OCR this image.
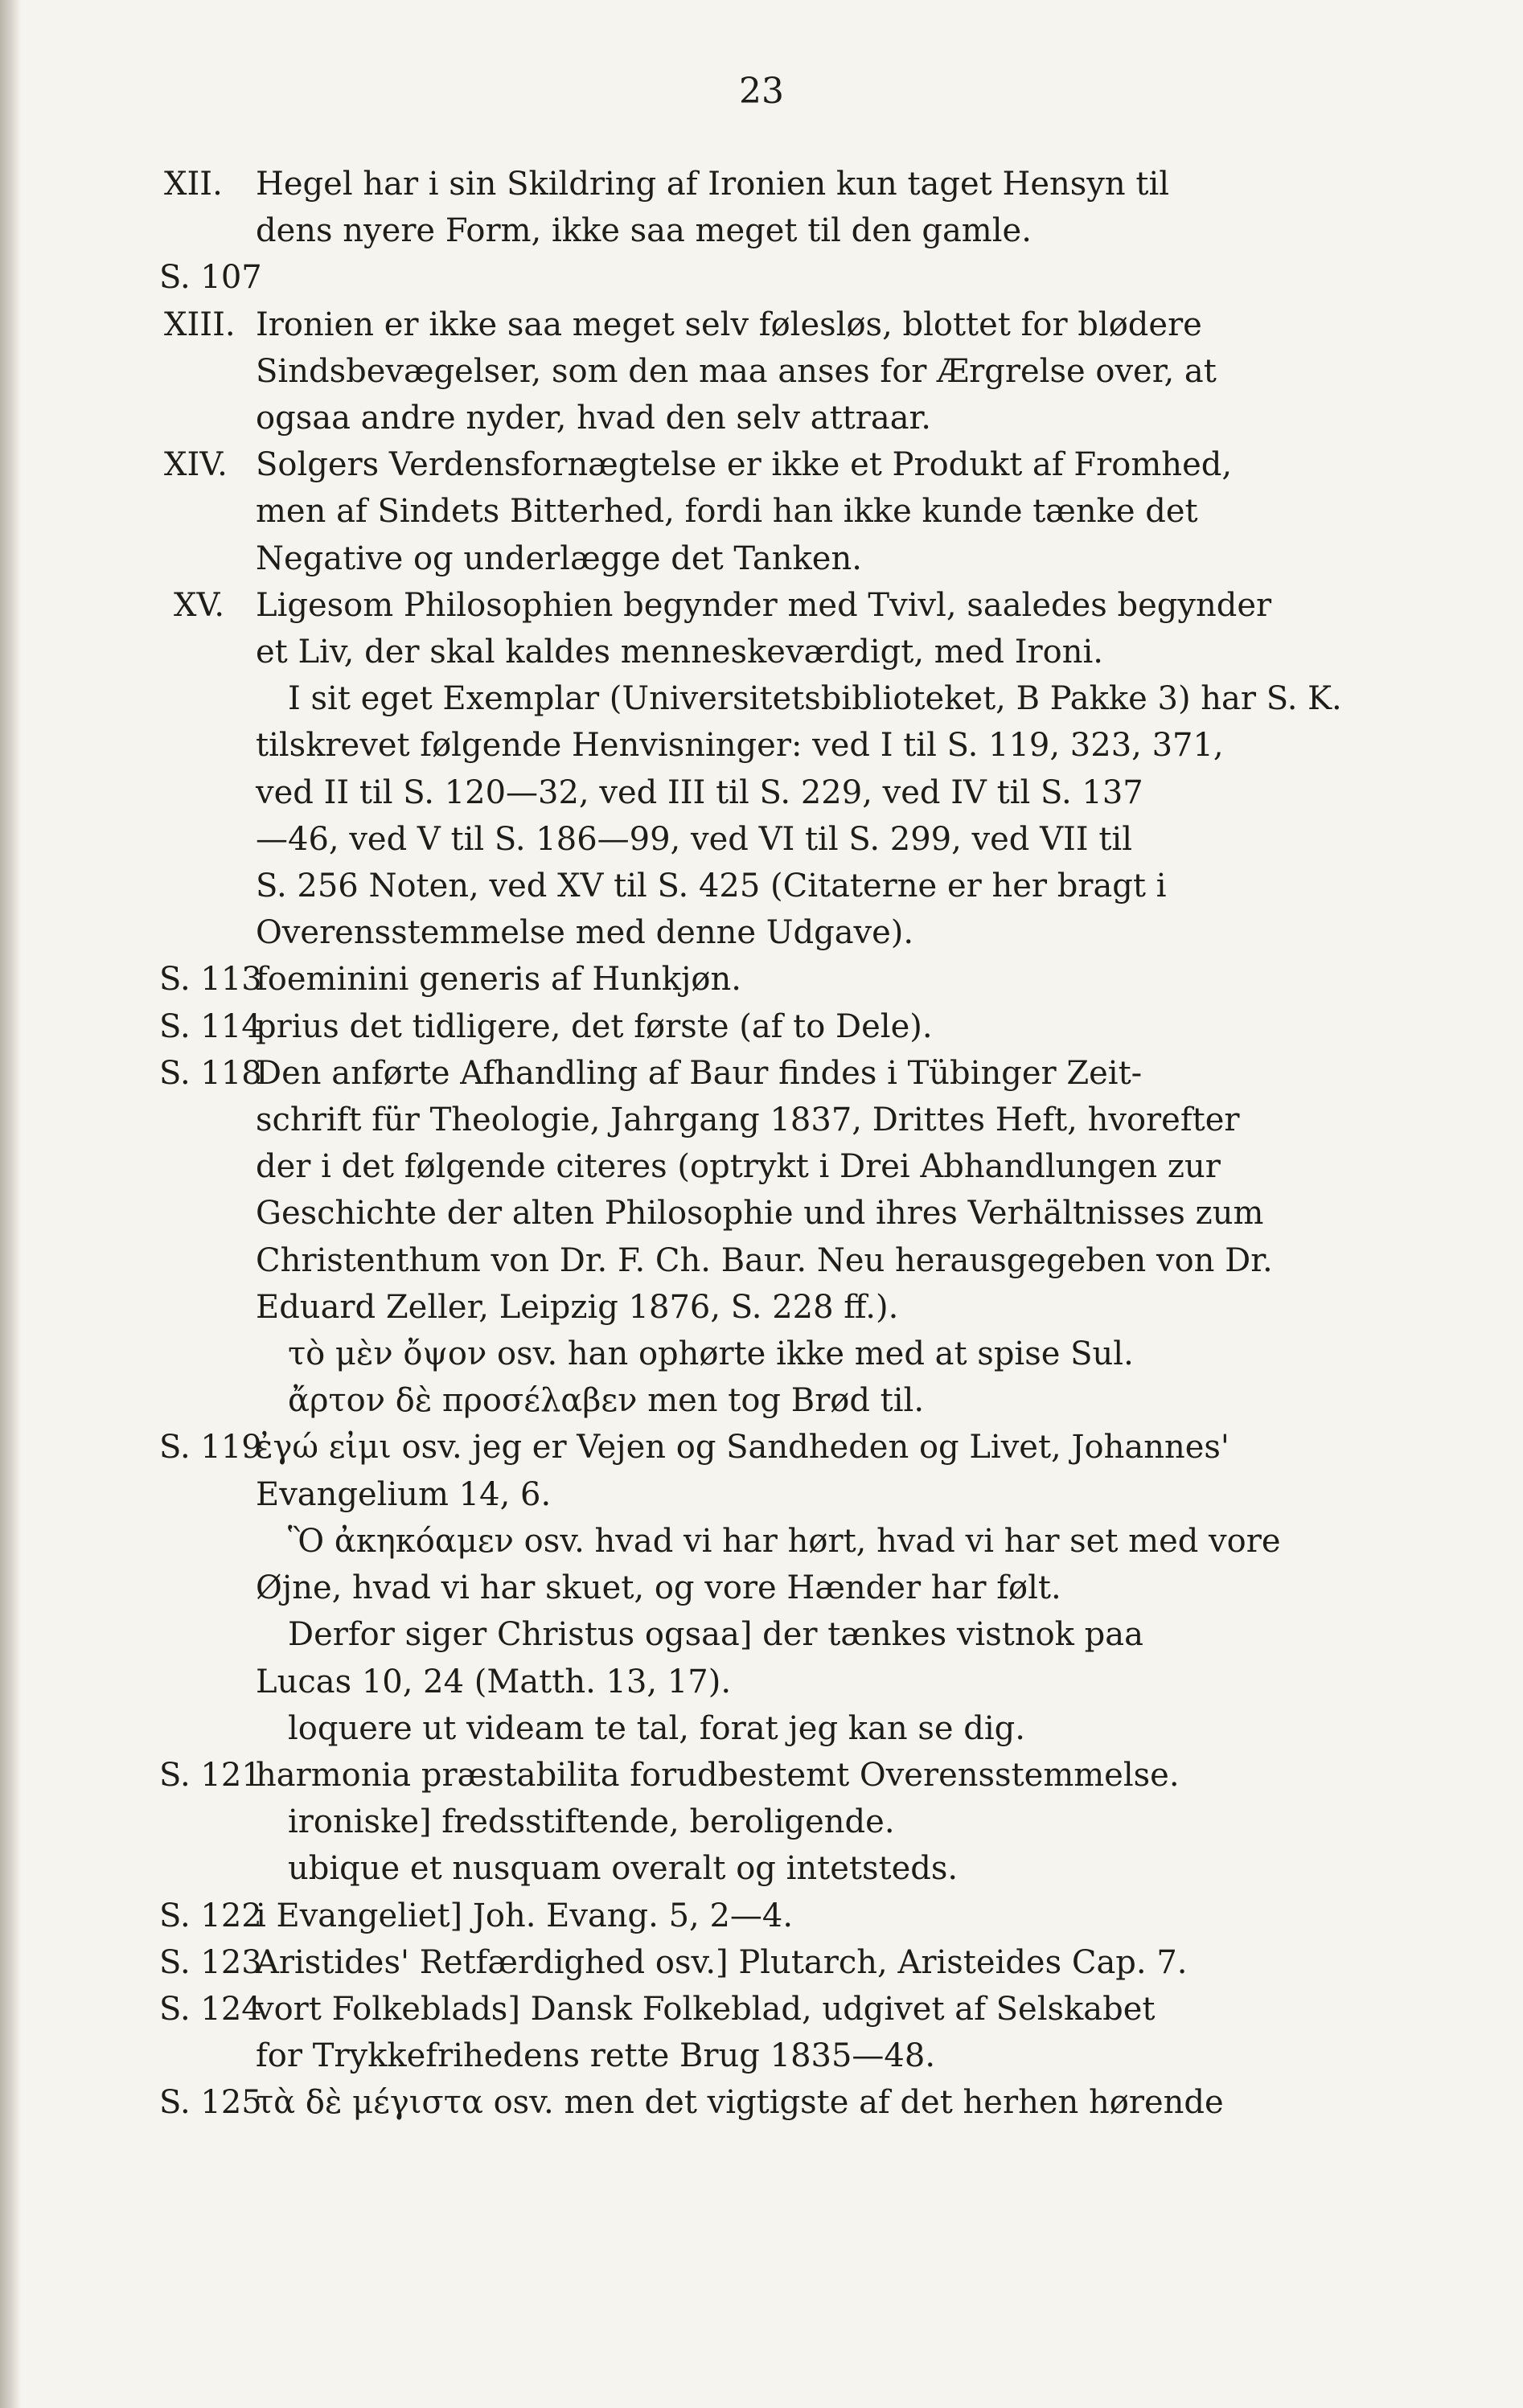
23
XII. Hegel har i sin Skildring af Ironien kun taget Hensyn til
dens nyere Form, ikke saa meget til den gamle.
S. 107
XIII. Ironien er ikke saa meget selv følesløs, blottet for blødere
Sindsbevægelser, som den maa anses for Ærgrelse over, at
ogsaa andre nyder, hvad den selv attraar.
XIV. Solgers Verdensfornægtelse er ikke et Produkt af Fromhed,
men af Sindets Bitterhed, fordi han ikke kunde tænke det
Negative og underlægge det Tanken.
XV. Ligesom Philosophien begynder med Tvivl, saaledes begynder
et Liv, der skal kaldes menneskeværdigt, med Ironi.
I sit eget Exemplar (Universitetsbiblioteket, B Pakke 3) har S. K.
tilskrevet følgende Henvisninger: ved I til S. 119, 323, 371,
ved II til S. 120—32, ved III til S. 229, ved IV til S. 137
—46, ved V til S. 186—99, ved VI til S. 299, ved VII til
S. 256 Noten, ved XV til S. 425 (Citaterne er her bragt i
Overensstemmelse med denne Udgave).
S. 113
foeminini generis af Hunkjøn.
S. 114
prius det tidligere, det første (af to Dele).
S. 118
Den anførte Afhandling af Baur findes i Tübinger Zeit-
schrift für Theologie, Jahrgang 1837, Drittes Heft, hvorefter
der i det følgende citeres (optrykt i Drei Abhandlungen zur
Geschichte der alten Philosophie und ihres Verhältnisses zum
Christenthum von Dr. F. Ch. Baur. Neu herausgegeben von Dr.
Eduard Zeller, Leipzig 1876, S. 228 ff.).
τὸ μὲν ὄψον osv. han ophørte ikke med at spise Sul.
ἄρτον δὲ προσέλαβεν men tog Brød til.
S. 119
ἐγώ εἰμι osv. jeg er Vejen og Sandheden og Livet, Johannes'
Evangelium 14, 6.
Ὃ ἀκηκόαμεν osv. hvad vi har hørt, hvad vi har set med vore
Øjne, hvad vi har skuet, og vore Hænder har følt.
Derfor siger Christus ogsaa] der tænkes vistnok paa
Lucas 10, 24 (Matth. 13, 17).
loquere ut videam te tal, forat jeg kan se dig.
S. 121
harmonia præstabilita forudbestemt Overensstemmelse.
ironiske] fredsstiftende, beroligende.
ubique et nusquam overalt og intetsteds.
S. 122
i Evangeliet] Joh. Evang. 5, 2—4.
S. 123
Aristides' Retfærdighed osv.] Plutarch, Aristeides Cap. 7.
S. 124
vort Folkeblads] Dansk Folkeblad, udgivet af Selskabet
for Trykkefrihedens rette Brug 1835—48.
S. 125
τὰ δὲ μέγιστα osv. men det vigtigste af det herhen hørende
